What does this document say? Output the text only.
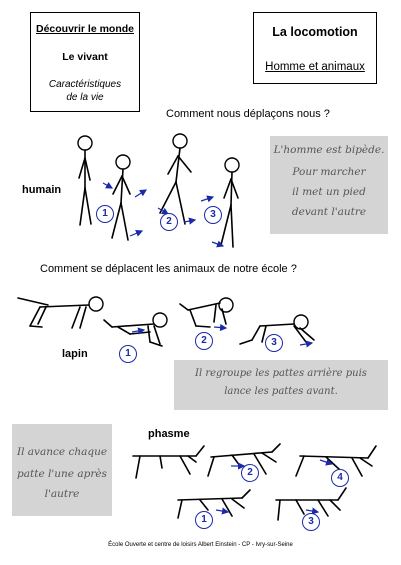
Découvrir le monde
Le vivant
Caractéristiques
de la vie
La locomotion
Homme et animaux
Comment nous déplaçons nous ?
humain
L'homme est bipède.
Pour marcher
il met un pied
devant l'autre
Comment se déplacent les animaux de notre école ?
lapin
Il regroupe les pattes arrière puis
lance les pattes avant.
phasme
Il avance chaque
patte l'une après
l'autre
1
2
3
1
2	3
1
2
3
4
École Ouverte et centre de loisirs Albert Einstein - CP - Ivry-sur-Seine
